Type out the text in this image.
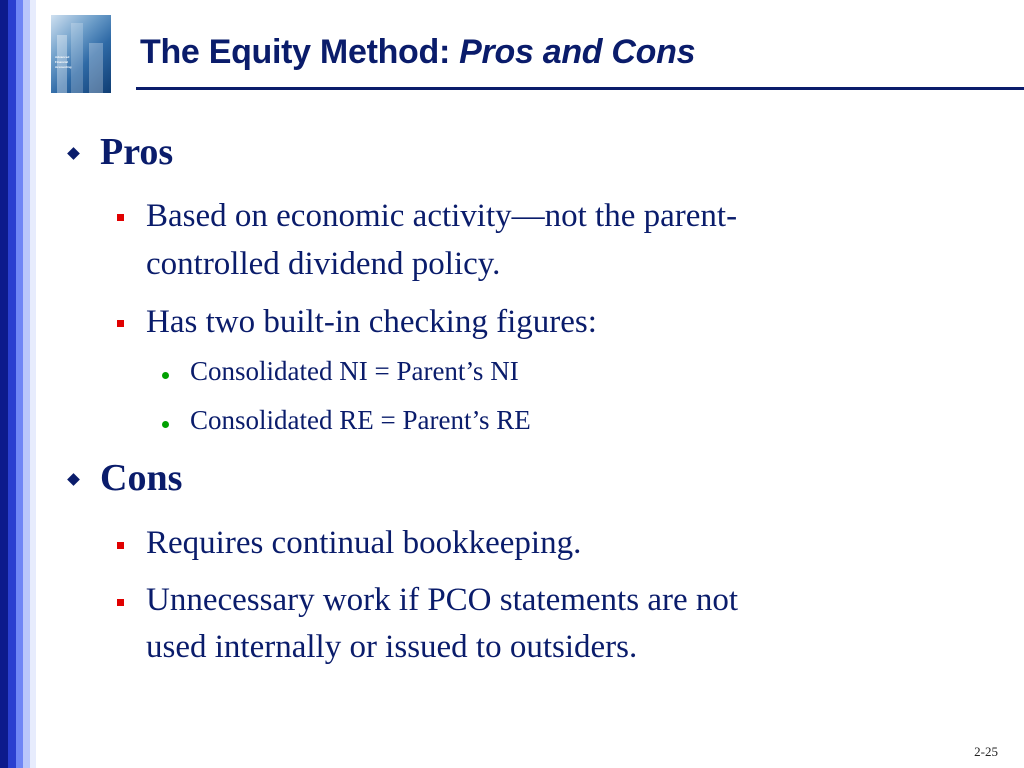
Advanced
Financial
Accounting The Equity Method: Pros and Cons
Pros
Based on economic activity—not the parent-
controlled dividend policy.
Has two built-in checking figures:
Consolidated NI = Parent’s NI
Consolidated RE = Parent’s RE
Cons
Requires continual bookkeeping.
Unnecessary work if PCO statements are not
used internally or issued to outsiders.
2-25
